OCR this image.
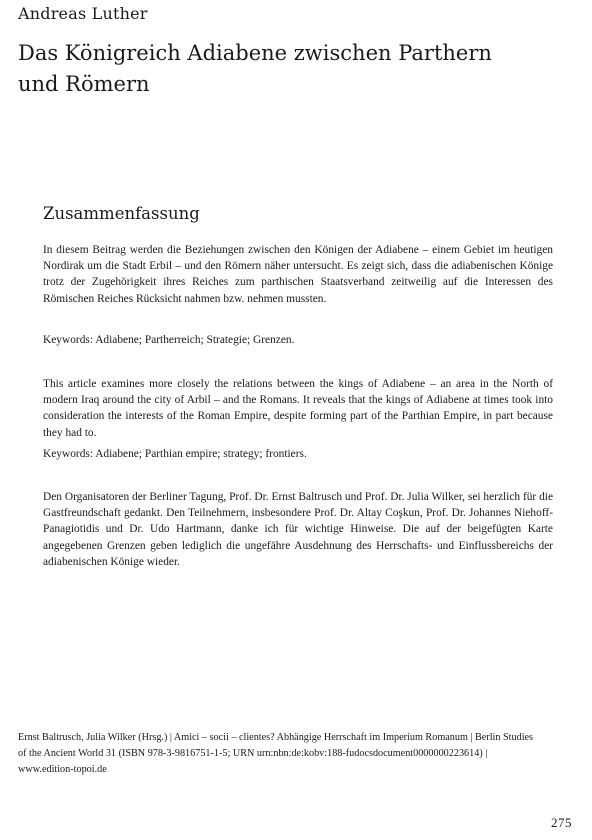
Andreas Luther
Das Königreich Adiabene zwischen Parthern und Römern
Zusammenfassung

In diesem Beitrag werden die Beziehungen zwischen den Königen der Adiabene – einem Gebiet im heutigen Nordirak um die Stadt Erbil – und den Römern näher untersucht. Es zeigt sich, dass die adiabenischen Könige trotz der Zugehörigkeit ihres Reiches zum parthischen Staatsverband zeitweilig auf die Interessen des Römischen Reiches Rücksicht nahmen bzw. nehmen mussten.

Keywords: Adiabene; Partherreich; Strategie; Grenzen.

This article examines more closely the relations between the kings of Adiabene – an area in the North of modern Iraq around the city of Arbil – and the Romans. It reveals that the kings of Adiabene at times took into consideration the interests of the Roman Empire, despite forming part of the Parthian Empire, in part because they had to.

Keywords: Adiabene; Parthian empire; strategy; frontiers.

Den Organisatoren der Berliner Tagung, Prof. Dr. Ernst Baltrusch und Prof. Dr. Julia Wilker, sei herzlich für die Gastfreundschaft gedankt. Den Teilnehmern, insbesondere Prof. Dr. Altay Coşkun, Prof. Dr. Johannes Niehoff-Panagiotidis und Dr. Udo Hartmann, danke ich für wichtige Hinweise. Die auf der beigefügten Karte angegebenen Grenzen geben lediglich die ungefähre Ausdehnung des Herrschafts- und Einflussbereichs der adiabenischen Könige wieder.

Ernst Baltrusch, Julia Wilker (Hrsg.) | Amici – socii – clientes? Abhängige Herrschaft im Imperium Romanum | Berlin Studies of the Ancient World 31 (ISBN 978-3-9816751-1-5; URN urn:nbn:de:kobv:188-fudocsdocument0000000223614) | www.edition-topoi.de

275
